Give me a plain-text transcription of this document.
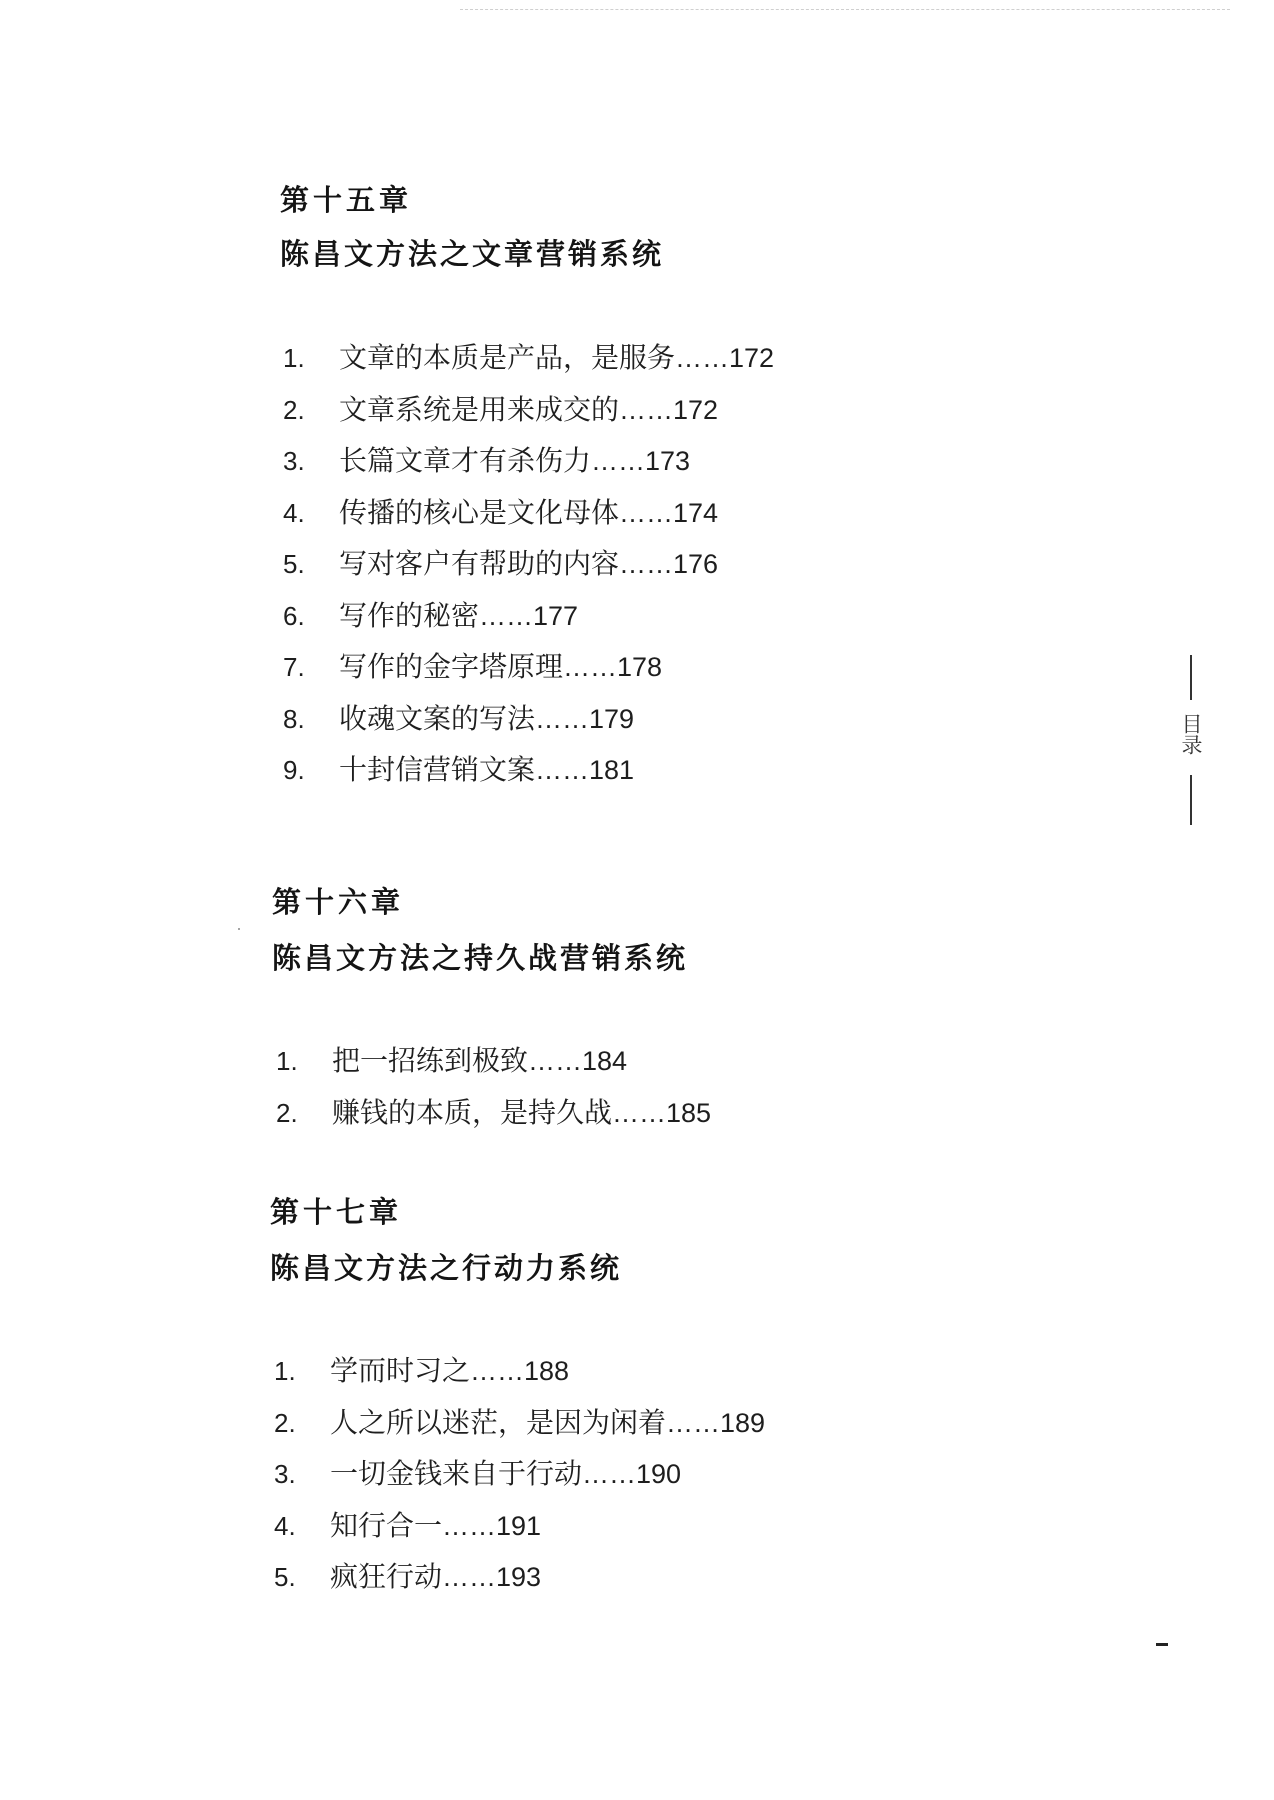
第十五章
陈昌文方法之文章营销系统
1. 文章的本质是产品，是服务……172
2. 文章系统是用来成交的……172
3. 长篇文章才有杀伤力……173
4. 传播的核心是文化母体……174
5. 写对客户有帮助的内容……176
6. 写作的秘密……177
7. 写作的金字塔原理……178
8. 收魂文案的写法……179
9. 十封信营销文案……181
第十六章
陈昌文方法之持久战营销系统
1. 把一招练到极致……184
2. 赚钱的本质，是持久战……185
第十七章
陈昌文方法之行动力系统
1. 学而时习之……188
2. 人之所以迷茫，是因为闲着……189
3. 一切金钱来自于行动……190
4. 知行合一……191
5. 疯狂行动……193
目录
